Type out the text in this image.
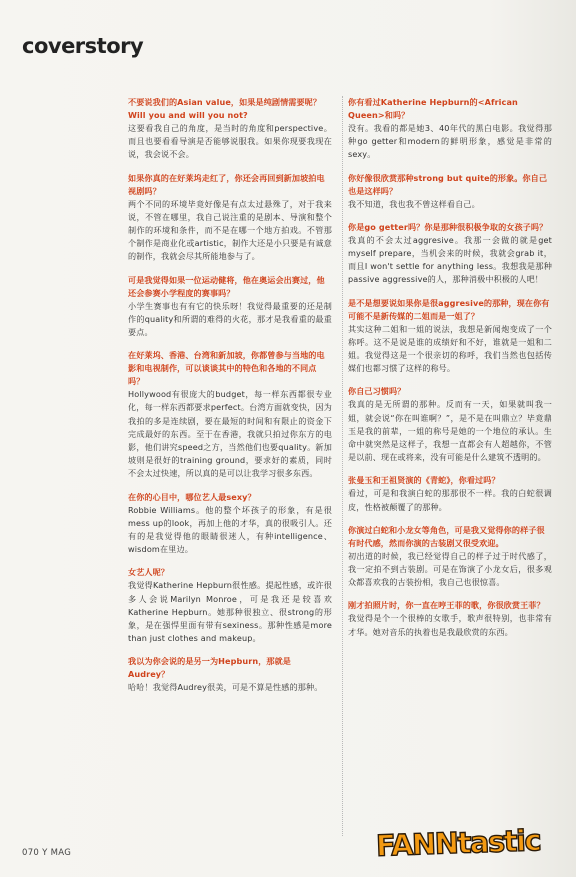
coverstory

不要说我们的Asian value，如果是纯剧情需要呢？ Will you and will you not?

这要看我自己的角度，是当时的角度和perspective。而且也要看看导演是否能够说服我。如果你现要我现在说，我会说不会。

如果你真的在好莱坞走红了，你还会再回到新加坡拍电视剧吗？

两个不同的环境毕竟好像是有点太过悬殊了，对于我来说，不管在哪里，我自己说注重的是剧本、导演和整个制作的环境和条件，而不是在哪一个地方拍戏。不管那个制作是商业化或artistic，制作大还是小只要是有诚意的制作，我就会尽其所能地参与了。

可是我觉得如果一位运动健将，他在奥运会出赛过，他还会参赛小学程度的赛事吗？

小学生赛事也有有它的快乐呀！我觉得最重要的还是制作的quality和所谓的难得的火花，那才是我看重的最重要点。

在好莱坞、香港、台湾和新加坡，你都曾参与当地的电影和电视制作，可以谈谈其中的特色和各地的不同点吗？

Hollywood有很庞大的budget，每一样东西都很专业化，每一样东西都要求perfect。台湾方面就变快，因为我拍的多是连续剧，要在最短的时间和有限止的资金下完成最好的东西。至于在香港，我就只拍过你东方的电影，他们讲究speed之方，当然他们也要quality。新加坡则是很好的training ground，要求好的素质，同时不会太过快速，所以真的是可以让我学习很多东西。

在你的心目中，哪位艺人最sexy？

Robbie Williams。他的整个坏孩子的形象，有是很mess up的look，再加上他的才华，真的很吸引人。还有的是我觉得他的眼睛很迷人，有种intelligence、wisdom在里边。

女艺人呢？

我觉得Katherine Hepburn很性感。提起性感，或许很多人会说Marilyn Monroe，可是我还是较喜欢Katherine Hepburn。她那种很独立、很strong的形象，是在强悍里面有带有sexiness。那种性感是more than just clothes and makeup。

我以为你会说的是另一为Hepburn，那就是Audrey？

哈哈！我觉得Audrey很美，可是不算是性感的那种。

你有看过Katherine Hepburn的<African Queen>和吗？

没有。我看的都是她3、40年代的黑白电影。我觉得那种go getter和modern的鲜明形象，感觉是非常的sexy。

你好像很欣赏那种strong but quite的形象。你自己也是这样吗？

我不知道，我也我不曾这样看自己。

你是go getter吗？你是那种很积极争取的女孩子吗？

我真的不会太过aggresive。我那一会做的就是get myself prepare，当机会来的时候，我就会grab it，而且I won't settle for anything less。我想我是那种passive aggressive的人，那种消极中积极的人吧！

是不是想要说如果你是很aggresive的那种，现在你有可能不是新传媒的二姐而是一姐了？

其实这种二姐和一姐的说法，我想是新闻炮变成了一个称呼。这不是说是谁的成绩好和不好，谁就是一姐和二姐。我觉得这是一个很亲切的称呼，我们当然也包括传媒们也都习惯了这样的称号。

你自己习惯吗？

我真的是无所谓的那种。反而有一天，如果就叫我一姐，就会说“你在叫谁啊？”，是不是在叫鼎立？毕竟鼎玉是我的前辈，一姐的称号是她的一个地位的承认。生命中就突然是这样子，我想一直都会有人超越你，不管是以前、现在或将来，没有可能是什么建筑不透明的。

张曼玉和王祖贤演的《青蛇》，你看过吗？

看过，可是和我演白蛇的那那很不一样。我的白蛇很调皮，性格被颠覆了的那种。

你演过白蛇和小龙女等角色，可是我又觉得你的样子很有时代感，然而你演的古装剧又很受欢迎。

初出道的时候，我已经觉得自己的样子过于时代感了，我一定拍不到古装剧。可是在饰演了小龙女后，很多观众都喜欢我的古装扮相，我自己也很惊喜。

刚才拍照片时，你一直在哼王菲的歌，你很欣赏王菲？

我觉得是个一个很棒的女歌手，歌声很特别，也非常有才华。她对音乐的执着也是我最欣赏的东西。

070 Y MAG	FANNtastic
